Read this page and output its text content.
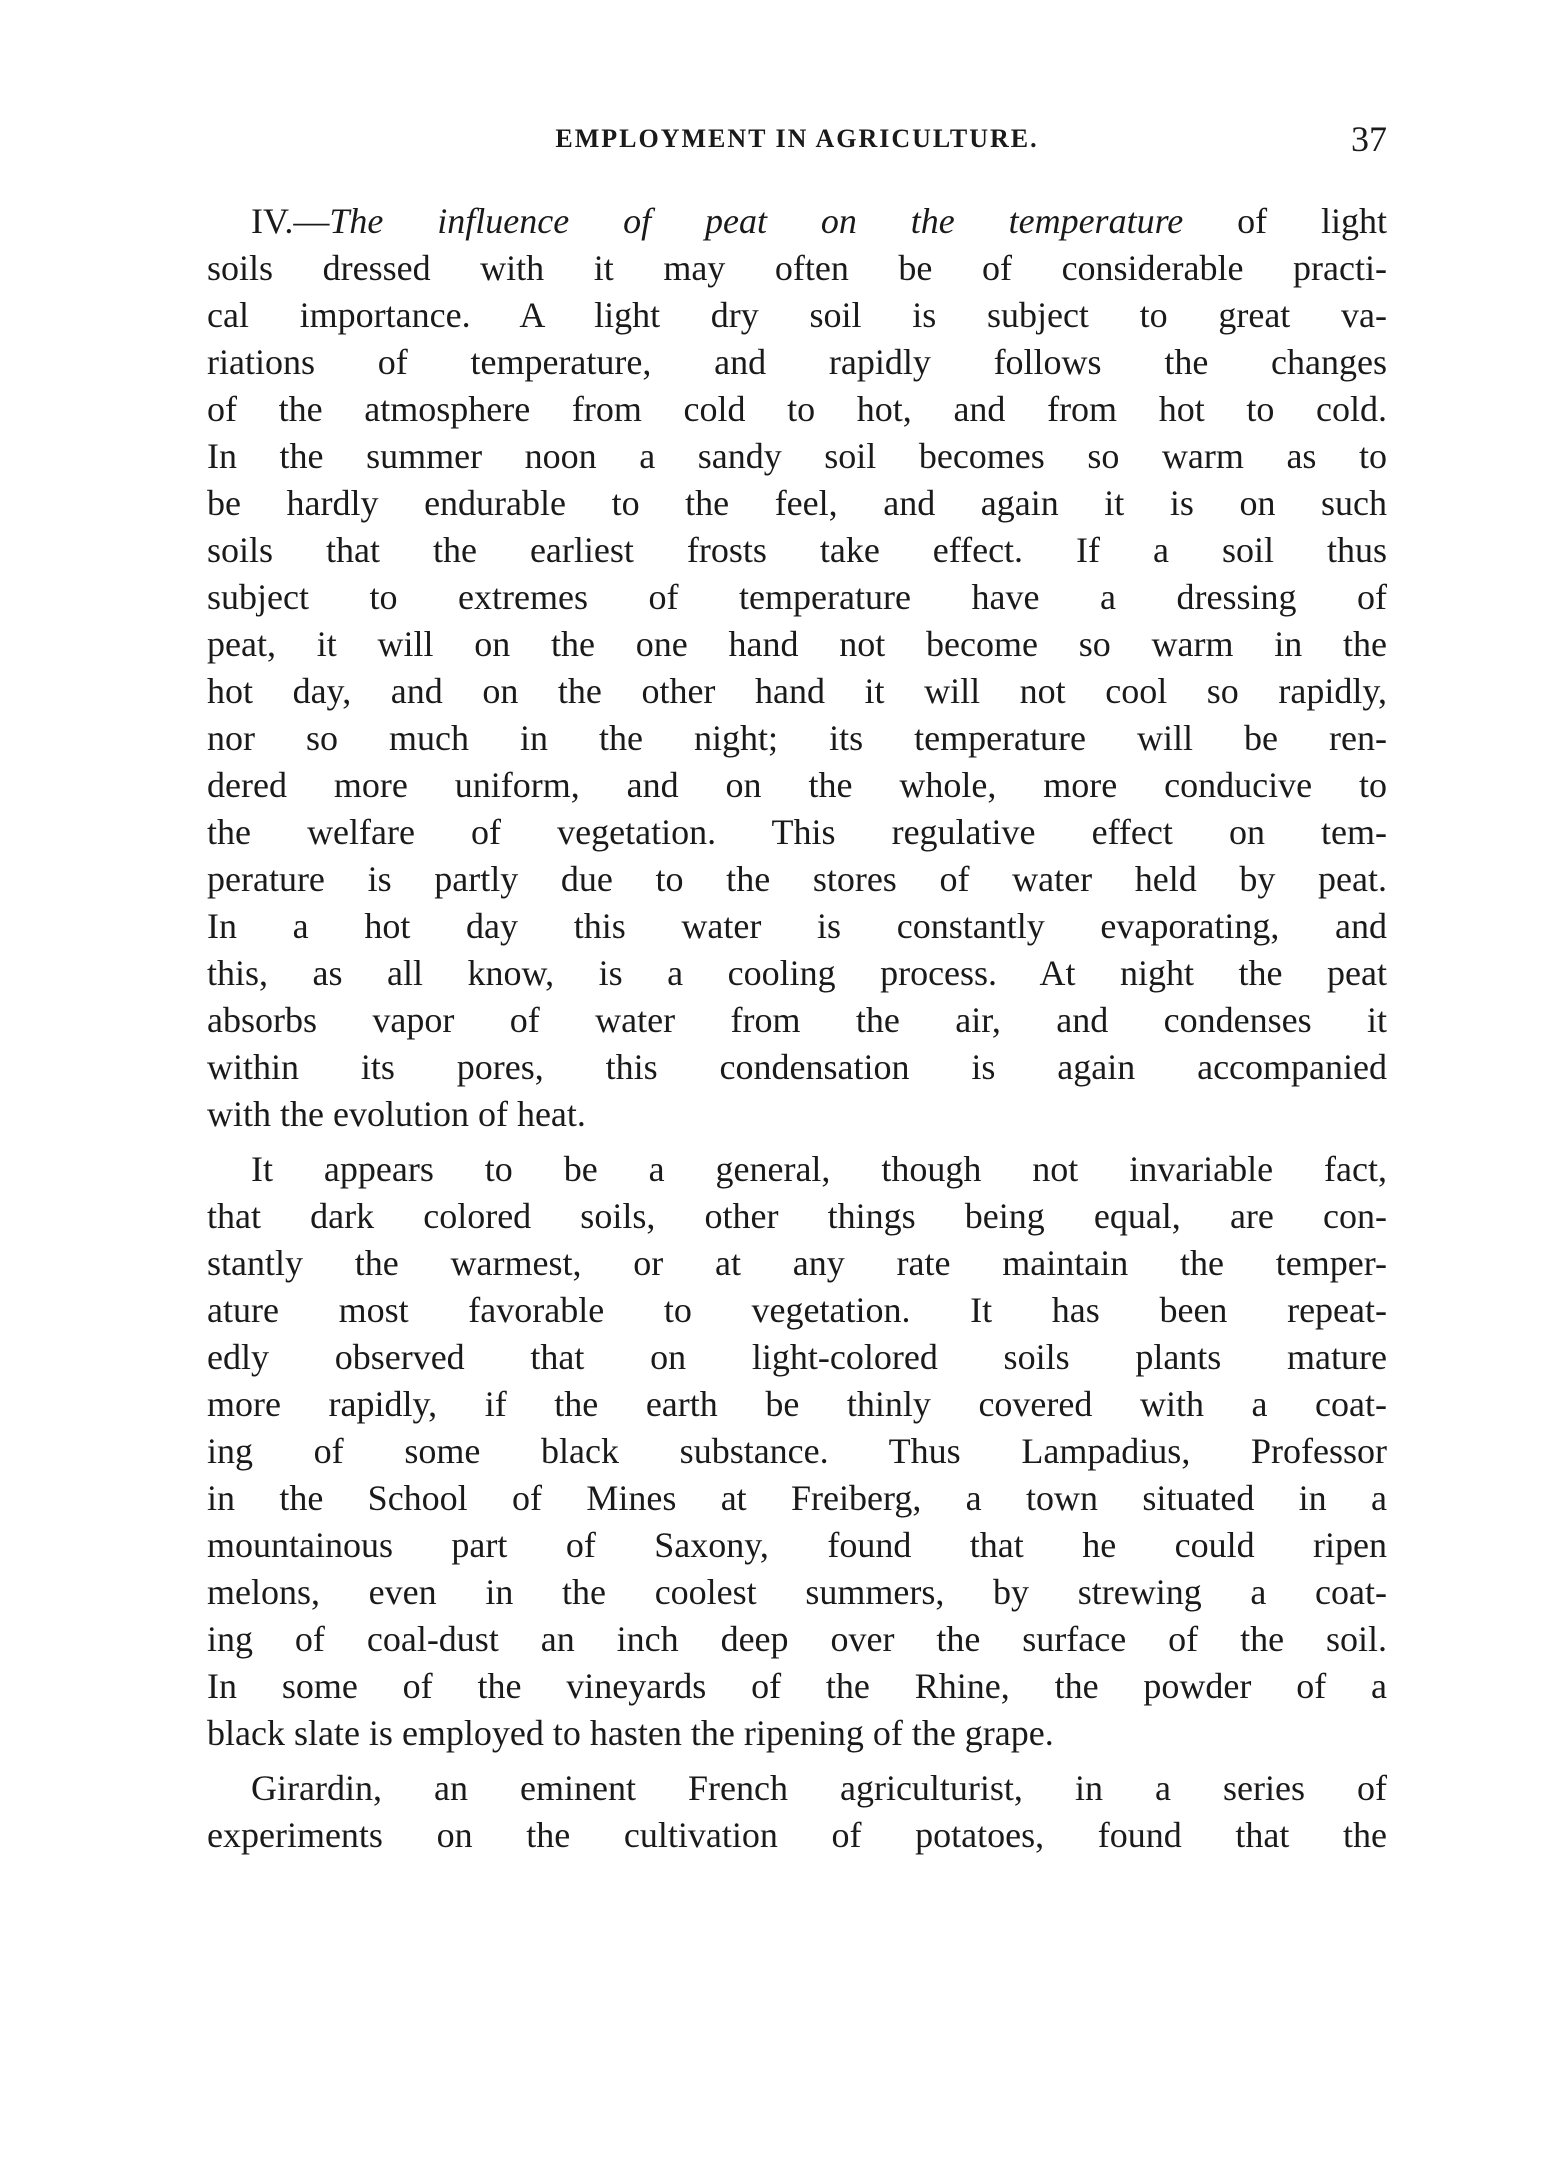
EMPLOYMENT IN AGRICULTURE.	37
IV.—The influence of peat on the temperature of light
soils dressed with it may often be of considerable practi-
cal importance. A light dry soil is subject to great va-
riations of temperature, and rapidly follows the changes
of the atmosphere from cold to hot, and from hot to cold.
In the summer noon a sandy soil becomes so warm as to
be hardly endurable to the feel, and again it is on such
soils that the earliest frosts take effect. If a soil thus
subject to extremes of temperature have a dressing of
peat, it will on the one hand not become so warm in the
hot day, and on the other hand it will not cool so rapidly,
nor so much in the night; its temperature will be ren-
dered more uniform, and on the whole, more conducive to
the welfare of vegetation. This regulative effect on tem-
perature is partly due to the stores of water held by peat.
In a hot day this water is constantly evaporating, and
this, as all know, is a cooling process. At night the peat
absorbs vapor of water from the air, and condenses it
within its pores, this condensation is again accompanied
with the evolution of heat.
It appears to be a general, though not invariable fact,
that dark colored soils, other things being equal, are con-
stantly the warmest, or at any rate maintain the temper-
ature most favorable to vegetation. It has been repeat-
edly observed that on light-colored soils plants mature
more rapidly, if the earth be thinly covered with a coat-
ing of some black substance. Thus Lampadius, Professor
in the School of Mines at Freiberg, a town situated in a
mountainous part of Saxony, found that he could ripen
melons, even in the coolest summers, by strewing a coat-
ing of coal-dust an inch deep over the surface of the soil.
In some of the vineyards of the Rhine, the powder of a
black slate is employed to hasten the ripening of the grape.
Girardin, an eminent French agriculturist, in a series of
experiments on the cultivation of potatoes, found that the
